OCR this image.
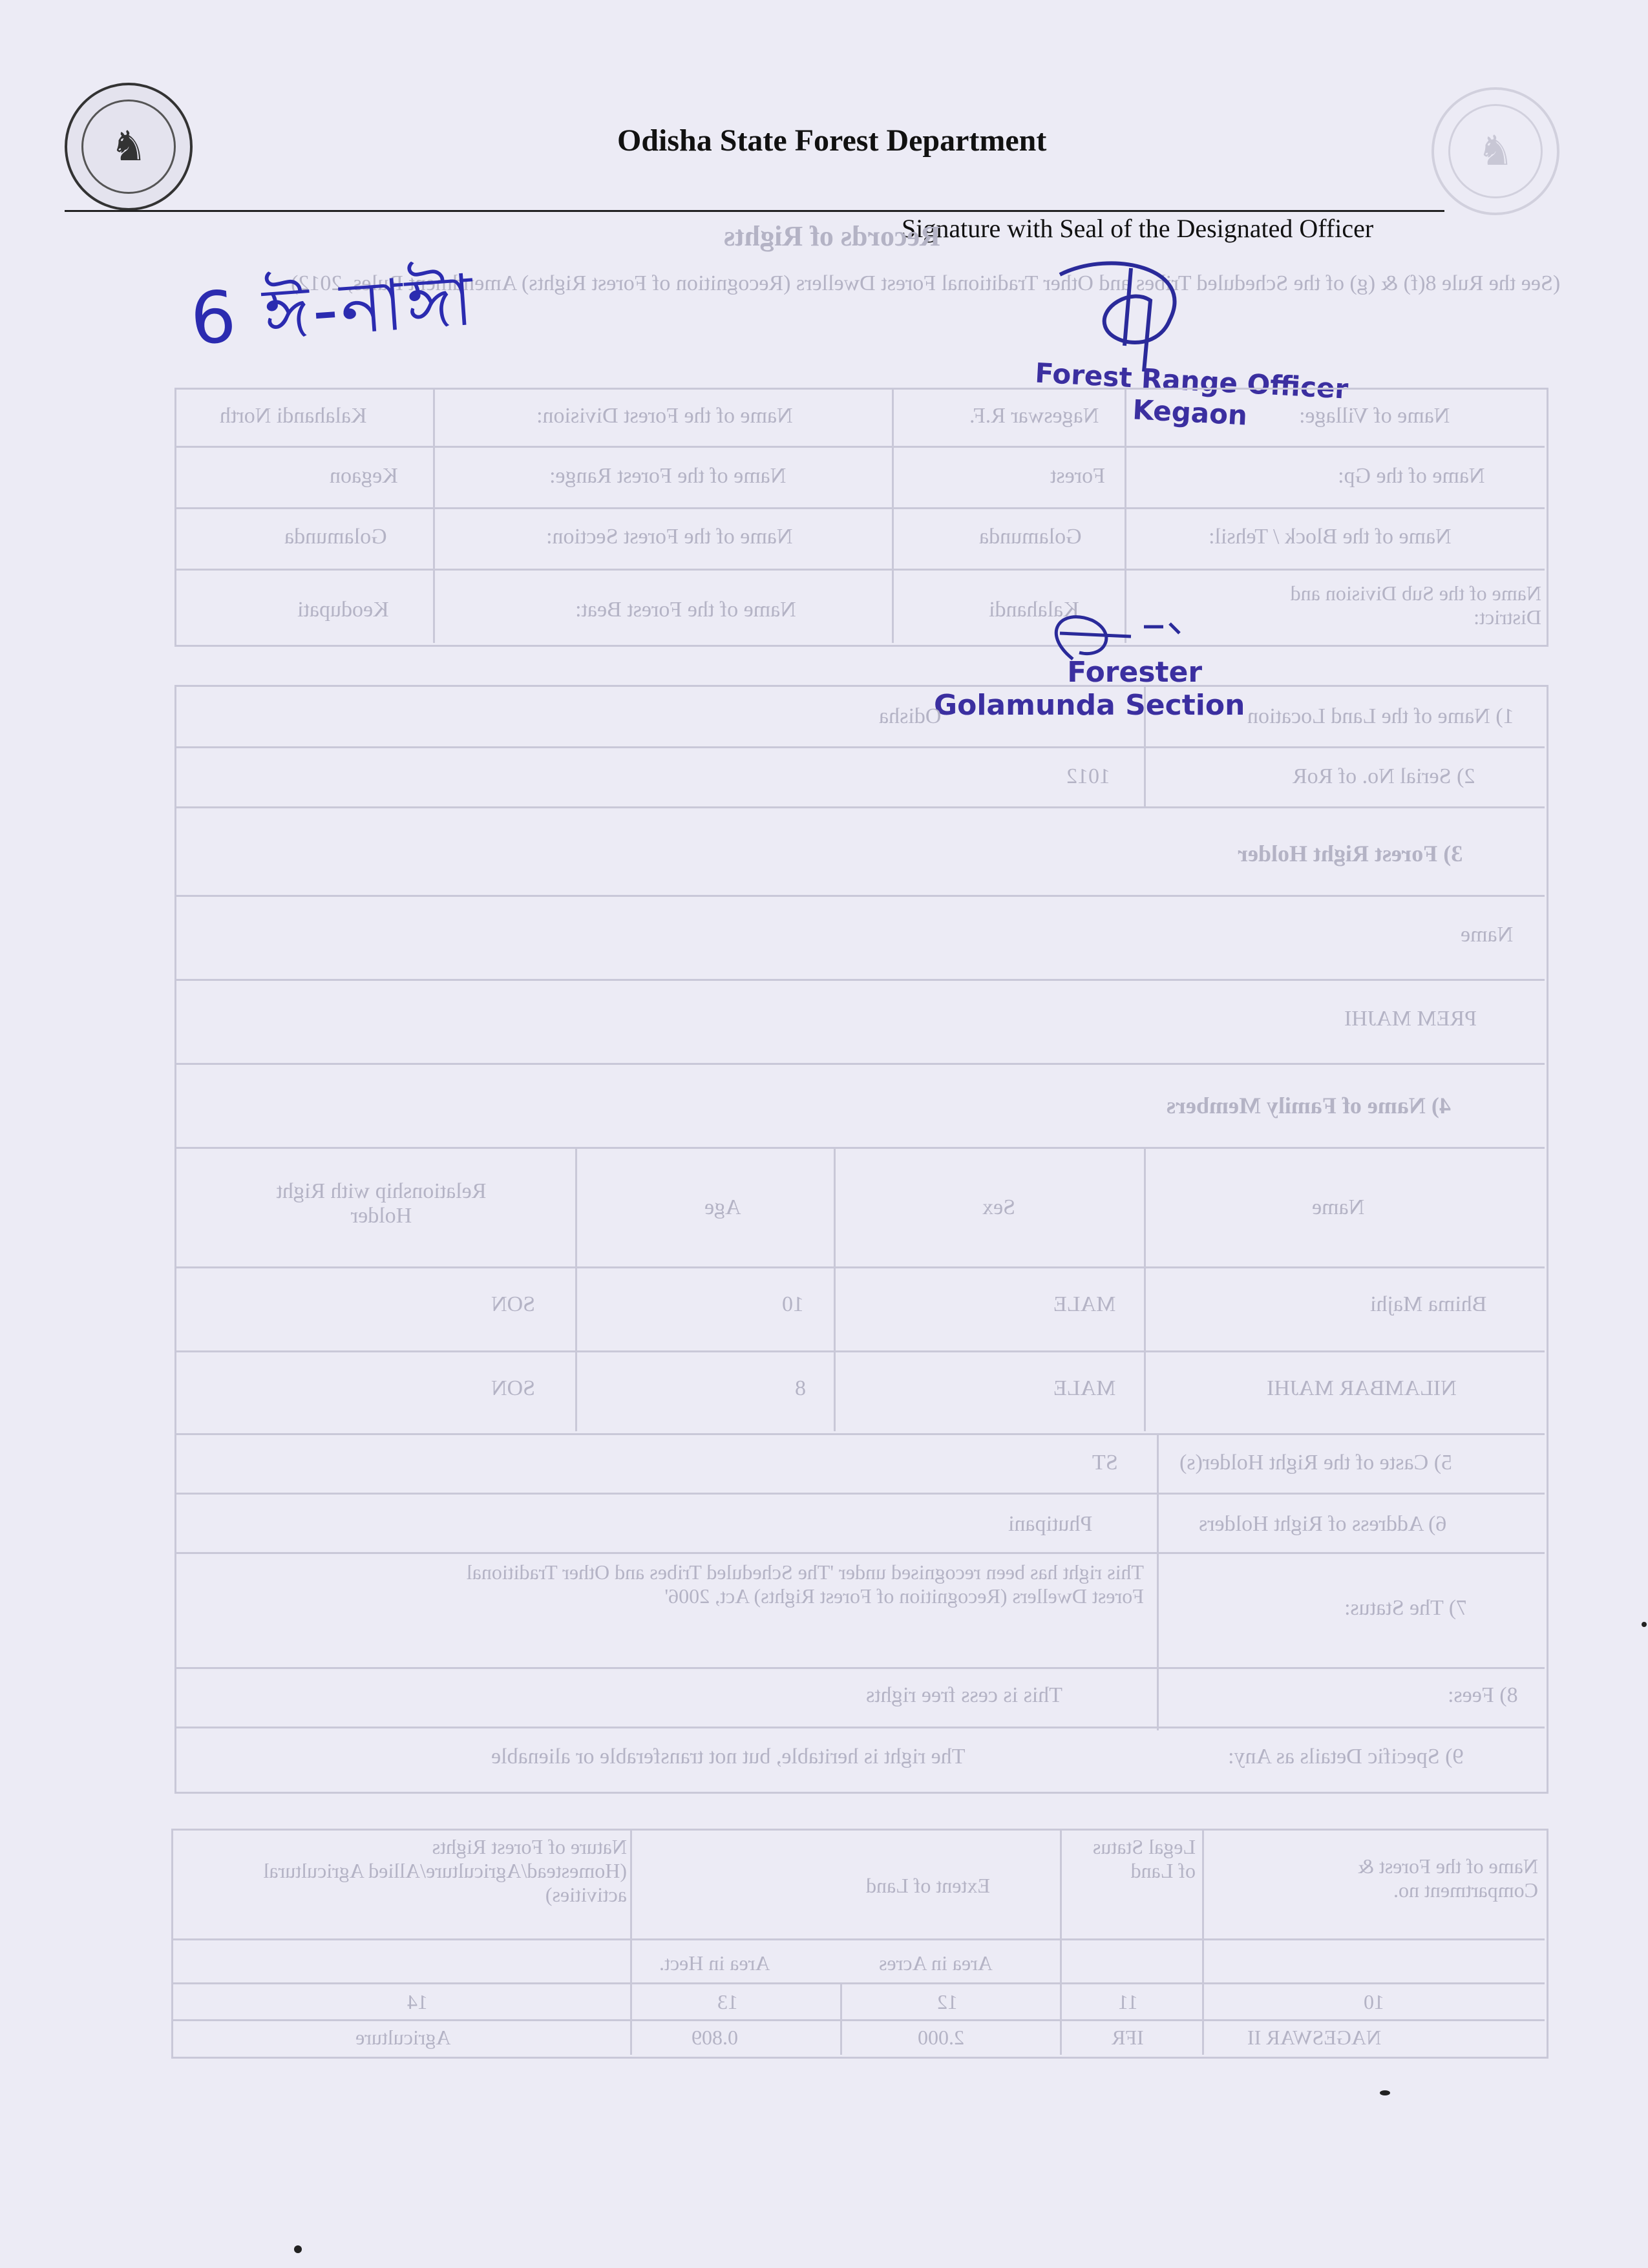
♞	♞
Odisha State Forest Department
Signature with Seal of the Designated Officer
Records of Rights
(See the Rule 8(f) & (g) of the Scheduled Tribes and Other Traditional Forest Dwellers (Recognition of Forest Rights) Amendment Rules, 2012)
6 ঈ-নাঈা
Forest Range Officer
Kegaon	Name of Village:
Nageswar R.F.
Name of the Forest Division:
Kalahandi North
Name of the Gp:
Forest
Name of the Forest Range:
Kegaon
Name of the Block / Tehsil:
Golamunda
Name of the Forest Section:
Golamunda
Name of the Sub Division and District:
Kalahandi
Name of the Forest Beat:
Keodupati
Forester
Golamunda Section 1) Name of the Land Location
Odisha
2) Serial No. of RoR
1012
3) Forest Right Holder
Name
PREM MAJHI
4) Name of Family Members
Name
Sex
Age
Relationship with Right Holder
Bhima Majhi
MALE
10
SON
NILAMBAR MAJHI
MALE
8
SON
5) Caste of the Right Holder(s)
ST
6) Address of Right Holders
Phutipani
7) The Status:
This right has been recognised under 'The Scheduled Tribes and Other Traditional Forest Dwellers (Recognition of Forest Rights) Act, 2006'
8) Fees:
This is cess free rights
9) Specific Details as Any:
The right is heritable, but not transferable or alienable
Name of the Forest & Compartment no.
Legal Status of Land
Extent of Land
Nature of Forest Rights (Homestead/Agriculture/Allied Agricultural activities)
Area in Acres
Area in Hect.
10
11
12
13
14
NAGESWAR II
IFR
2.000
0.809
Agriculture
